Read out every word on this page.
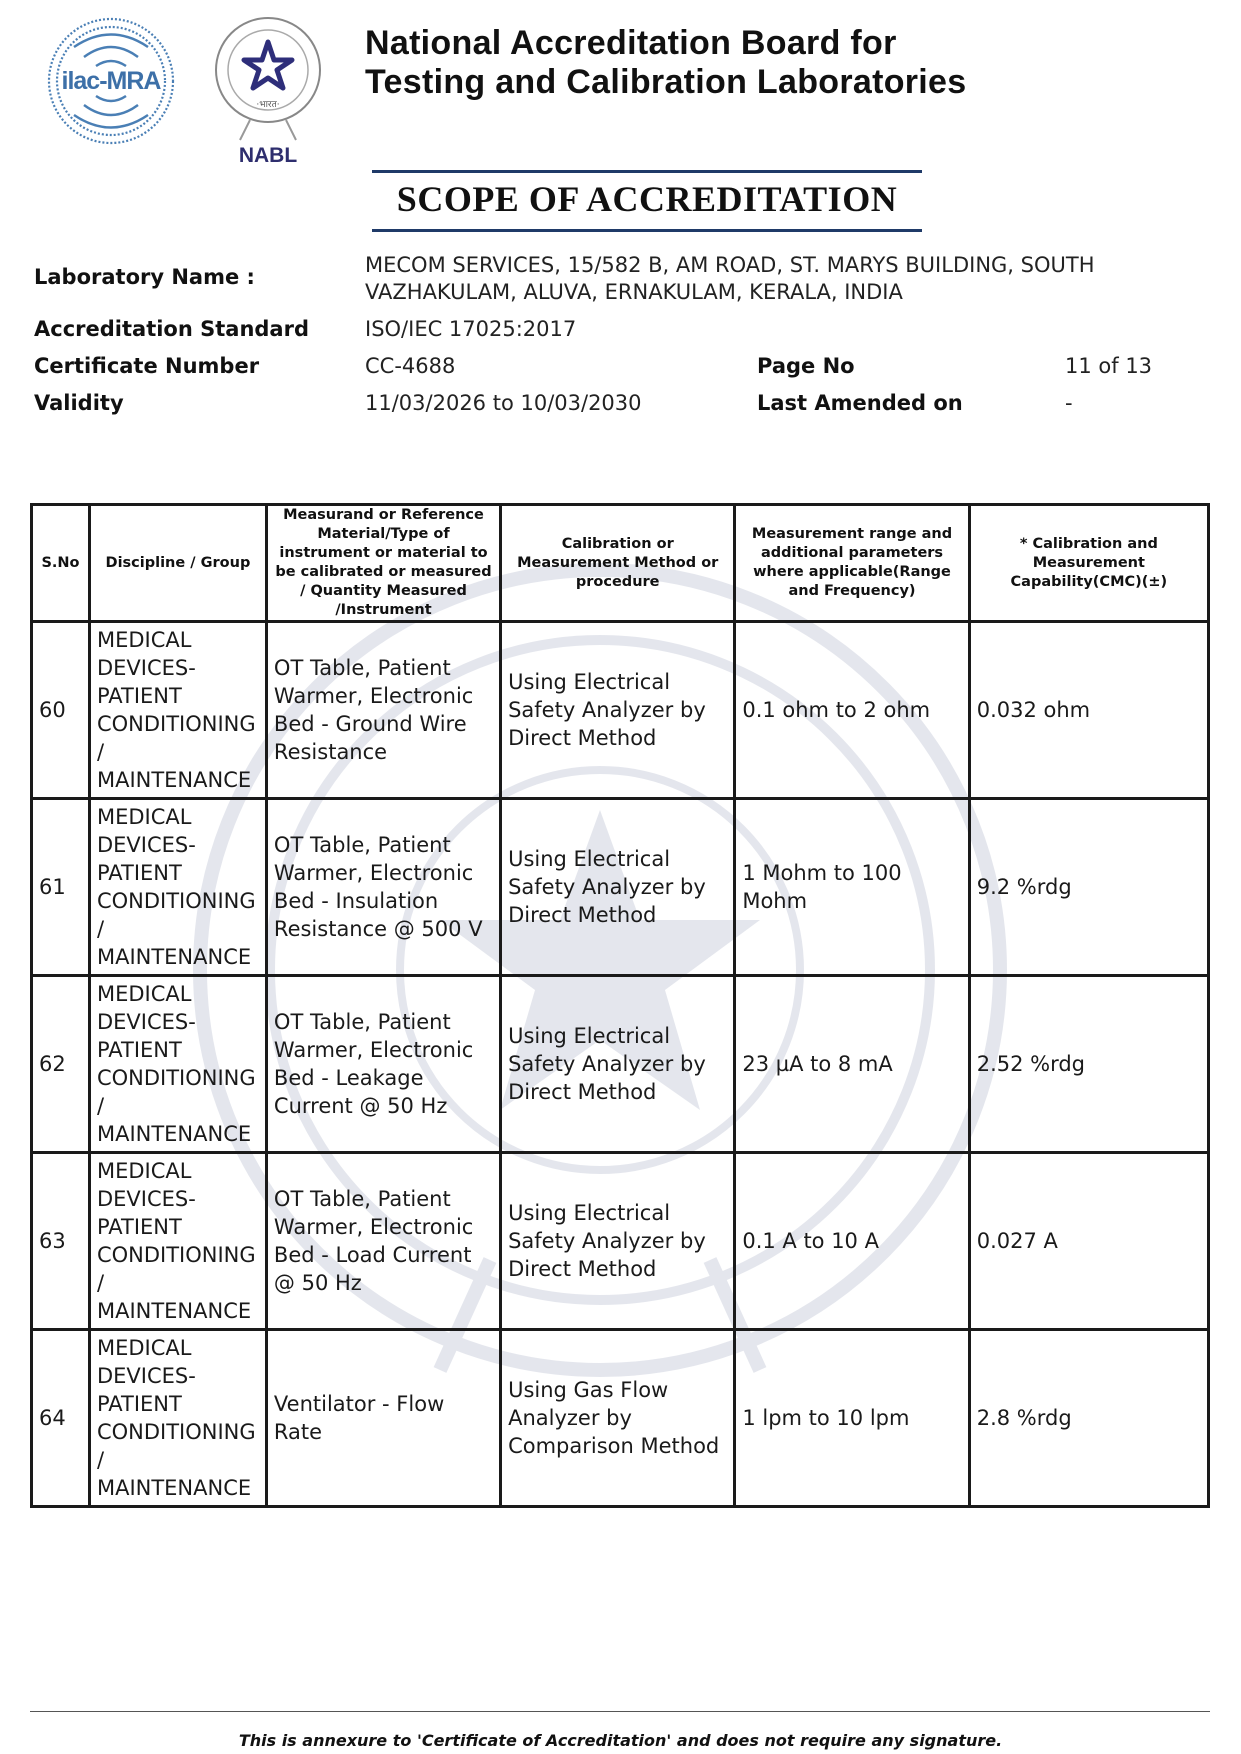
ilac-MRA
·भारत·
NABL
National Accreditation Board for
Testing and Calibration Laboratories
SCOPE OF ACCREDITATION
Laboratory Name :	MECOM SERVICES, 15/582 B, AM ROAD, ST. MARYS BUILDING, SOUTH
VAZHAKULAM, ALUVA, ERNAKULAM, KERALA, INDIA
Accreditation Standard	ISO/IEC 17025:2017
Certificate Number	CC-4688	Page No	11 of 13
Validity	11/03/2026 to 10/03/2030	Last Amended on	-
S.No	Discipline / Group	Measurand or Reference Material/Type of instrument or material to be calibrated or measured / Quantity Measured /Instrument	Calibration or Measurement Method or procedure	Measurement range and additional parameters where applicable(Range and Frequency)	* Calibration and Measurement Capability(CMC)(±)
60	MEDICAL DEVICES- PATIENT CONDITIONING / MAINTENANCE	OT Table, Patient Warmer, Electronic Bed - Ground Wire Resistance	Using Electrical Safety Analyzer by Direct Method	0.1 ohm to 2 ohm	0.032 ohm
61	MEDICAL DEVICES- PATIENT CONDITIONING / MAINTENANCE	OT Table, Patient Warmer, Electronic Bed - Insulation Resistance @ 500 V	Using Electrical Safety Analyzer by Direct Method	1 Mohm to 100 Mohm	9.2 %rdg
62	MEDICAL DEVICES- PATIENT CONDITIONING / MAINTENANCE	OT Table, Patient Warmer, Electronic Bed - Leakage Current @ 50 Hz	Using Electrical Safety Analyzer by Direct Method	23 µA to 8 mA	2.52 %rdg
63	MEDICAL DEVICES- PATIENT CONDITIONING / MAINTENANCE	OT Table, Patient Warmer, Electronic Bed - Load Current @ 50 Hz	Using Electrical Safety Analyzer by Direct Method	0.1 A to 10 A	0.027 A
64	MEDICAL DEVICES- PATIENT CONDITIONING / MAINTENANCE	Ventilator - Flow Rate	Using Gas Flow Analyzer by Comparison Method	1 lpm to 10 lpm	2.8 %rdg
This is annexure to 'Certificate of Accreditation' and does not require any signature.
